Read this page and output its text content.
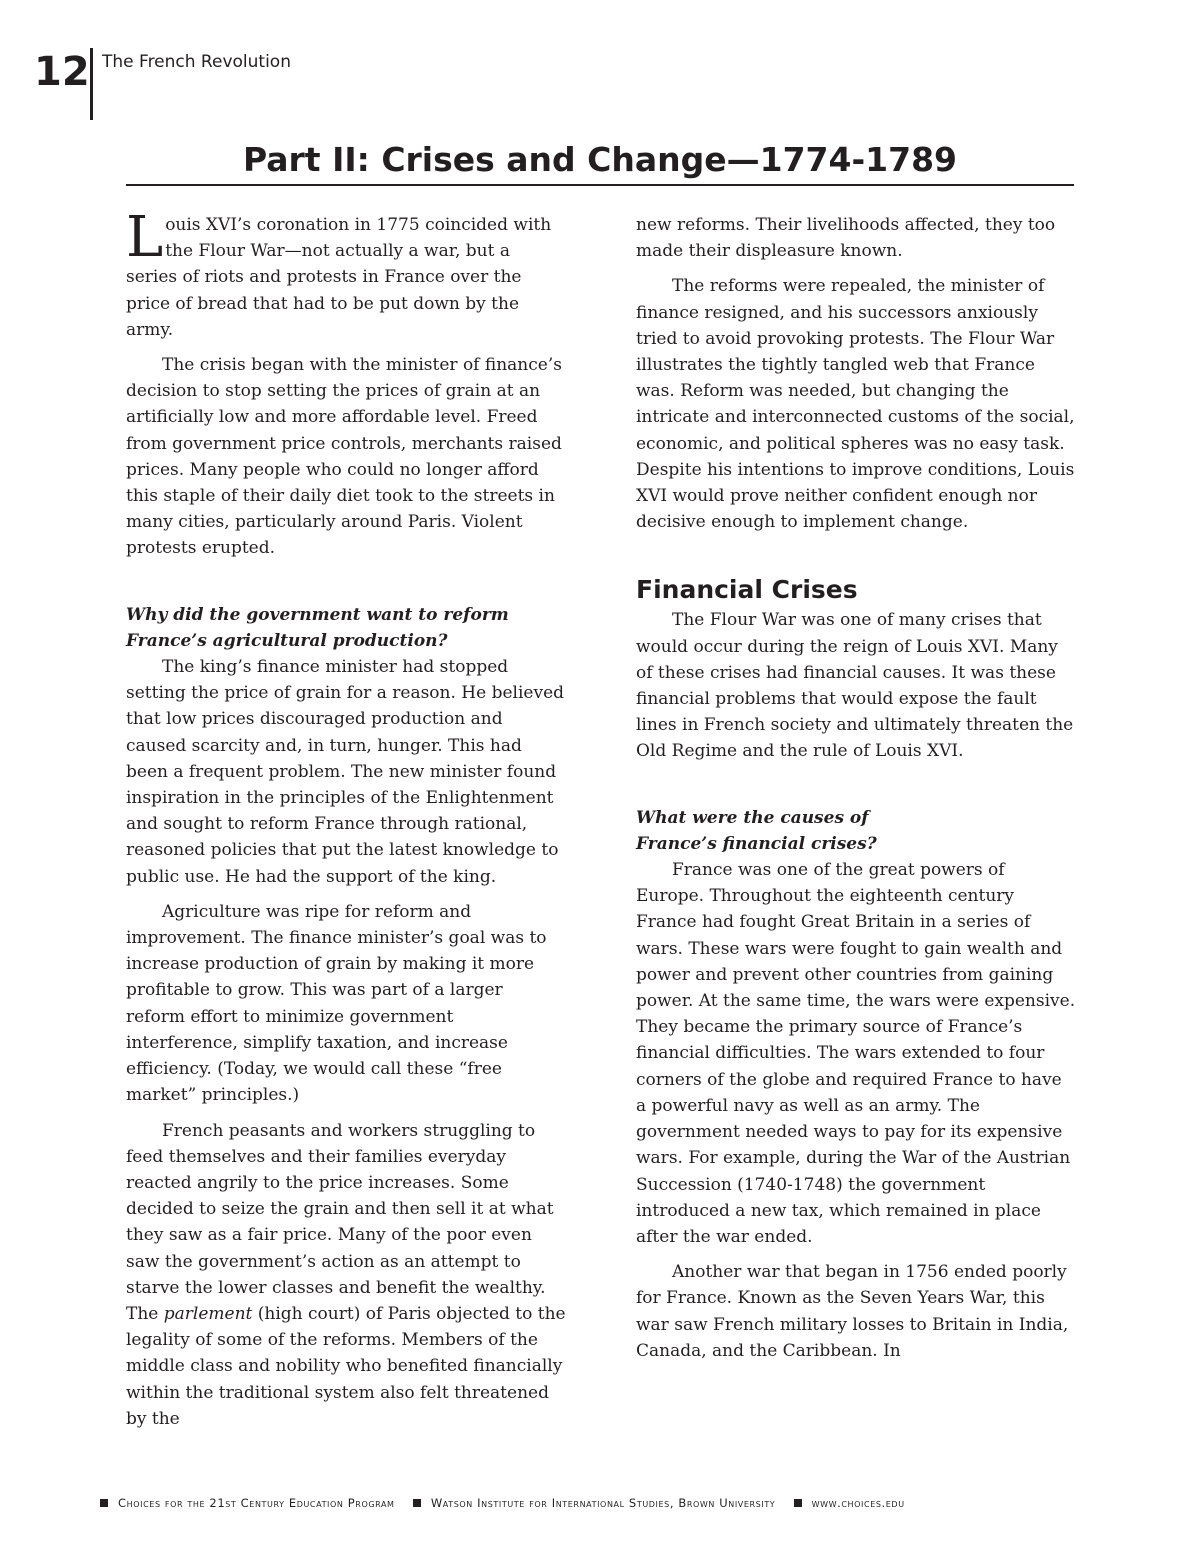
12 The French Revolution
Part II: Crises and Change—1774-1789

Louis XVI’s coronation in 1775 coincided with the Flour War—not actually a war, but a series of riots and protests in France over the price of bread that had to be put down by the army.

The crisis began with the minister of finance’s decision to stop setting the prices of grain at an artificially low and more affordable level. Freed from government price controls, merchants raised prices. Many people who could no longer afford this staple of their daily diet took to the streets in many cities, particularly around Paris. Violent protests erupted.

Why did the government want to reform
France’s agricultural production?

The king’s finance minister had stopped setting the price of grain for a reason. He believed that low prices discouraged production and caused scarcity and, in turn, hunger. This had been a frequent problem. The new minister found inspiration in the principles of the Enlightenment and sought to reform France through rational, reasoned policies that put the latest knowledge to public use. He had the support of the king.

Agriculture was ripe for reform and improvement. The finance minister’s goal was to increase production of grain by making it more profitable to grow. This was part of a larger reform effort to minimize government interference, simplify taxation, and increase efficiency. (Today, we would call these “free market” principles.)

French peasants and workers struggling to feed themselves and their families everyday reacted angrily to the price increases. Some decided to seize the grain and then sell it at what they saw as a fair price. Many of the poor even saw the government’s action as an attempt to starve the lower classes and benefit the wealthy. The parlement (high court) of Paris objected to the legality of some of the reforms. Members of the middle class and nobility who benefited financially within the traditional system also felt threatened by the

new reforms. Their livelihoods affected, they too made their displeasure known.

The reforms were repealed, the minister of finance resigned, and his successors anxiously tried to avoid provoking protests. The Flour War illustrates the tightly tangled web that France was. Reform was needed, but changing the intricate and interconnected customs of the social, economic, and political spheres was no easy task. Despite his intentions to improve conditions, Louis XVI would prove neither confident enough nor decisive enough to implement change.

Financial Crises

The Flour War was one of many crises that would occur during the reign of Louis XVI. Many of these crises had financial causes. It was these financial problems that would expose the fault lines in French society and ultimately threaten the Old Regime and the rule of Louis XVI.

What were the causes of
France’s financial crises?

France was one of the great powers of Europe. Throughout the eighteenth century France had fought Great Britain in a series of wars. These wars were fought to gain wealth and power and prevent other countries from gaining power. At the same time, the wars were expensive. They became the primary source of France’s financial difficulties. The wars extended to four corners of the globe and required France to have a powerful navy as well as an army. The government needed ways to pay for its expensive wars. For example, during the War of the Austrian Succession (1740-1748) the government introduced a new tax, which remained in place after the war ended.

Another war that began in 1756 ended poorly for France. Known as the Seven Years War, this war saw French military losses to Britain in India, Canada, and the Caribbean. In

Choices for the 21st Century Education Program	Watson Institute for International Studies, Brown University	www.choices.edu
